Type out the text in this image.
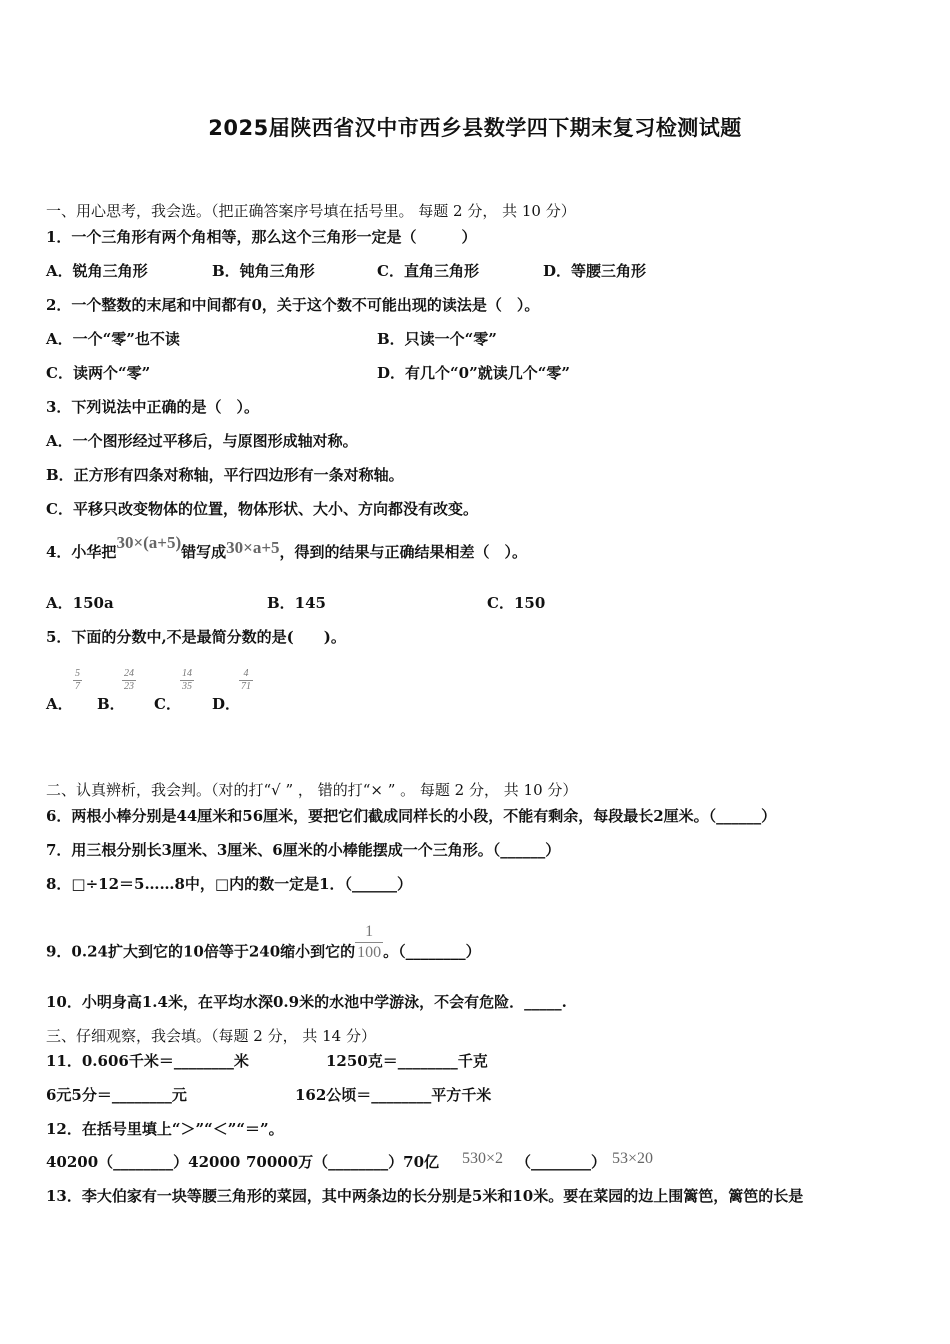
2025届陕西省汉中市西乡县数学四下期末复习检测试题
一、用心思考，我会选。（把正确答案序号填在括号里。 每题 2 分， 共 10 分）
1．一个三角形有两个角相等，那么这个三角形一定是（　　　）
A．锐角三角形	B．钝角三角形	C．直角三角形	D．等腰三角形
2．一个整数的末尾和中间都有0，关于这个数不可能出现的读法是（　）。
A．一个“零”也不读	B．只读一个“零”
C．读两个“零”	D．有几个“0”就读几个“零”
3．下列说法中正确的是（　）。
A．一个图形经过平移后，与原图形成轴对称。
B．正方形有四条对称轴，平行四边形有一条对称轴。
C．平移只改变物体的位置，物体形状、大小、方向都没有改变。
4．小华把30×(a+5)错写成30×a+5，得到的结果与正确结果相差（　）。
A．150a	B．145	C．150
5．下面的分数中,不是最简分数的是(　　)。
A． B． C． D．
$\frac{5}{7}$	$\frac{24}{23}$	$\frac{14}{35}$	$\frac{4}{71}$
二、认真辨析，我会判。（对的打“√ ” ， 错的打“× ” 。 每题 2 分， 共 10 分）
6．两根小棒分别是44厘米和56厘米，要把它们截成同样长的小段，不能有剩余，每段最长2厘米。（______）
7．用三根分别长3厘米、3厘米、6厘米的小棒能摆成一个三角形。（______）
8．□÷12＝5……8中，□内的数一定是1．（______）
9．0.24扩大到它的10倍等于240缩小到它的 $\frac{1}{100}$ 。（________）
10．小明身高1.4米，在平均水深0.9米的水池中学游泳，不会有危险．_____.
三、仔细观察，我会填。（每题 2 分， 共 14 分）
11．0.606千米＝________米	1250克＝________千克
6元5分＝________元	162公顷＝________平方千米
12．在括号里填上“＞”“＜”“＝”。
40200（________）42000 70000万（________）70亿 530×2 （________） 53×20
13．李大伯家有一块等腰三角形的菜园，其中两条边的长分别是5米和10米。要在菜园的边上围篱笆，篱笆的长是
